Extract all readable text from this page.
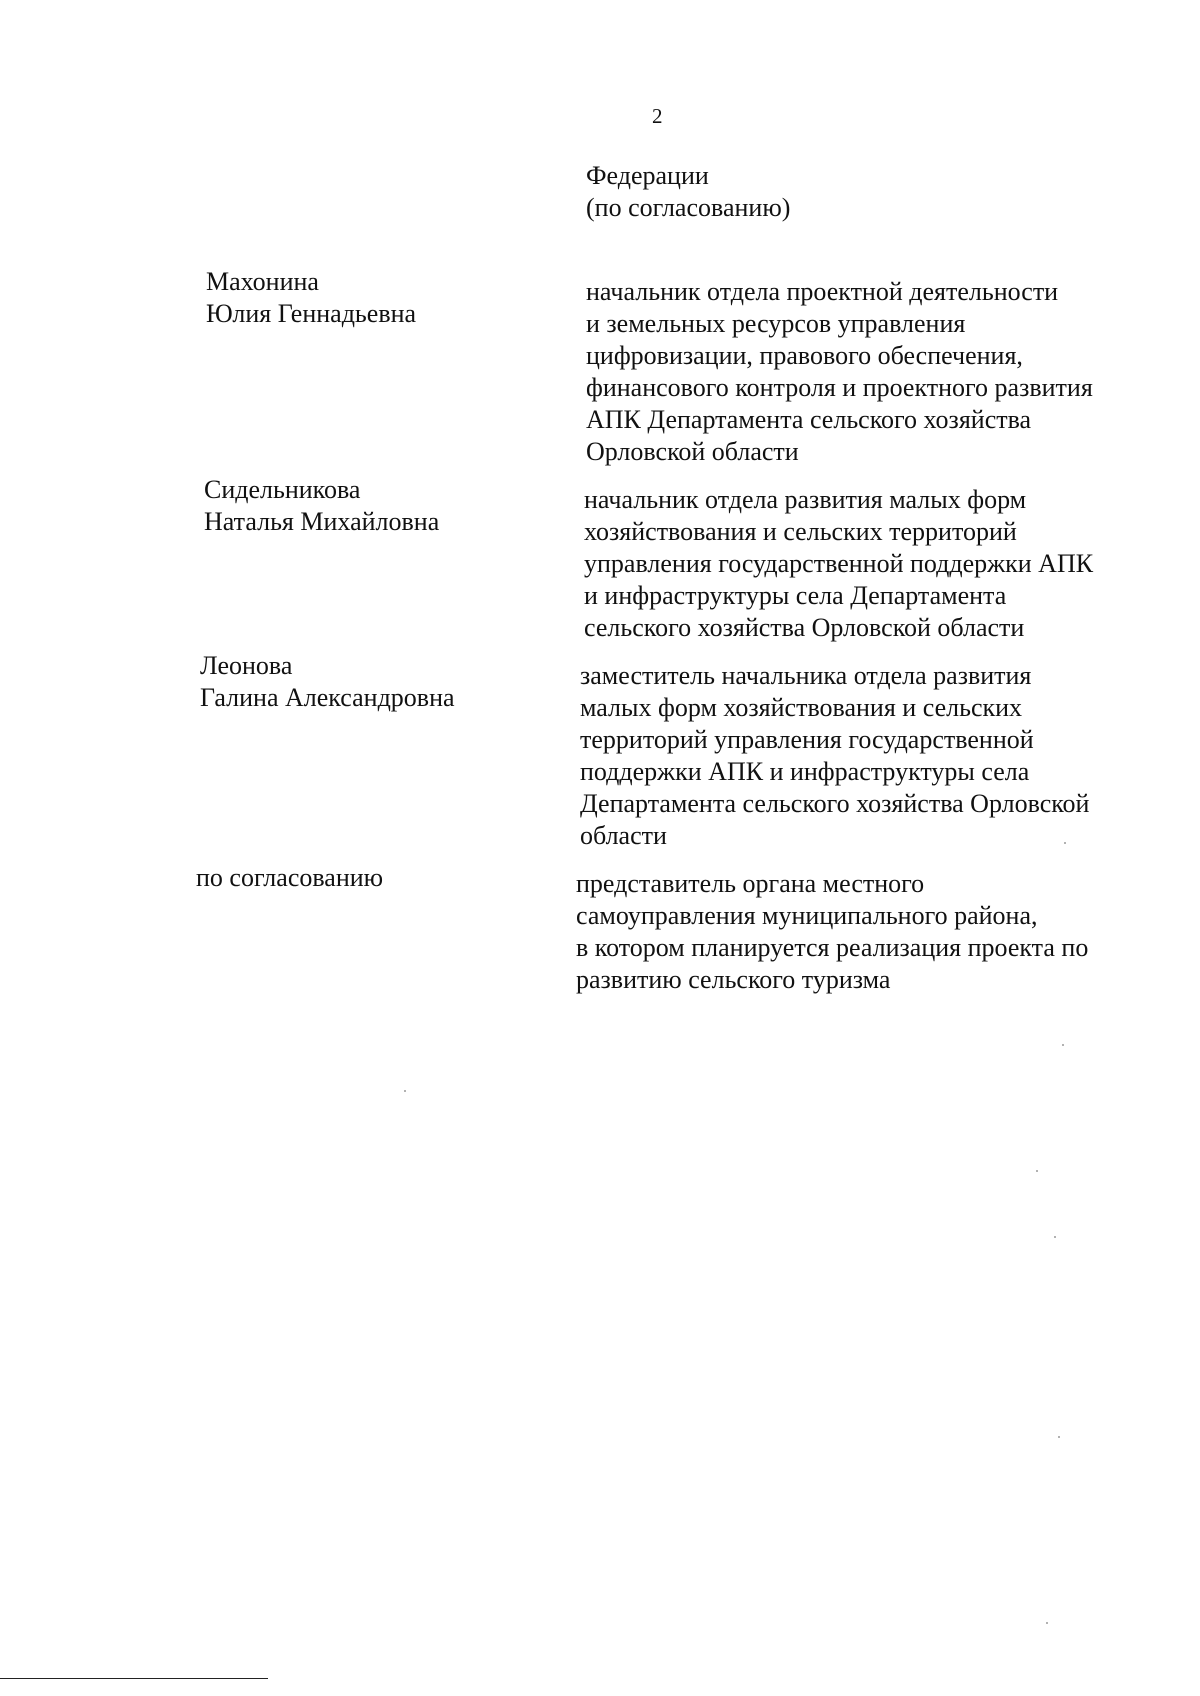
2
Федерации
(по согласованию)
Махонина
Юлия Геннадьевна
начальник отдела проектной деятельности
и земельных ресурсов управления
цифровизации, правового обеспечения,
финансового контроля и проектного развития
АПК Департамента сельского хозяйства
Орловской области
Сидельникова
Наталья Михайловна
начальник отдела развития малых форм
хозяйствования и сельских территорий
управления государственной поддержки АПК
и инфраструктуры села Департамента
сельского хозяйства Орловской области
Леонова
Галина Александровна
заместитель начальника отдела развития
малых форм хозяйствования и сельских
территорий управления государственной
поддержки АПК и инфраструктуры села
Департамента сельского хозяйства Орловской
области
по согласованию	представитель органа местного
самоуправления муниципального района,
в котором планируется реализация проекта по
развитию сельского туризма
